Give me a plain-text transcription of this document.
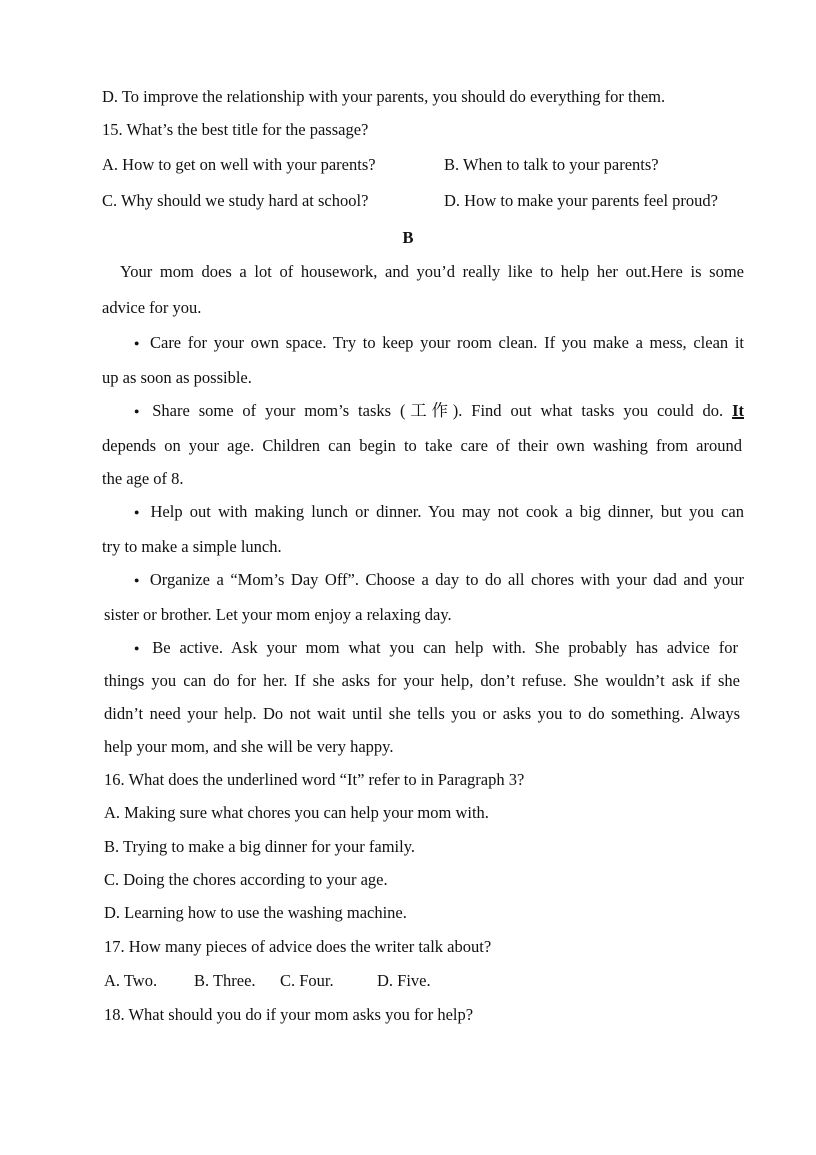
D. To improve the relationship with your parents, you should do everything for them.
15. What’s the best title for the passage?
A. How to get on well with your parents?	B. When to talk to your parents?
C. Why should we study hard at school?	D. How to make your parents feel proud?
B
Your mom does a lot of housework, and you’d really like to help her out.Here is some
advice for you.
● Care for your own space. Try to keep your room clean. If you make a mess, clean it
up as soon as possible.
● Share some of your mom’s tasks (工作). Find out what tasks you could do. It
depends on your age. Children can begin to take care of their own washing from around
the age of 8.
● Help out with making lunch or dinner. You may not cook a big dinner, but you can
try to make a simple lunch.
● Organize a “Mom’s Day Off”. Choose a day to do all chores with your dad and your
sister or brother. Let your mom enjoy a relaxing day.
● Be active. Ask your mom what you can help with. She probably has advice for
things you can do for her. If she asks for your help, don’t refuse. She wouldn’t ask if she
didn’t need your help. Do not wait until she tells you or asks you to do something. Always
help your mom, and she will be very happy.
16. What does the underlined word “It” refer to in Paragraph 3?
A. Making sure what chores you can help your mom with.
B. Trying to make a big dinner for your family.
C. Doing the chores according to your age.
D. Learning how to use the washing machine.
17. How many pieces of advice does the writer talk about?
A. Two. B. Three. C. Four.	D. Five.
18. What should you do if your mom asks you for help?
